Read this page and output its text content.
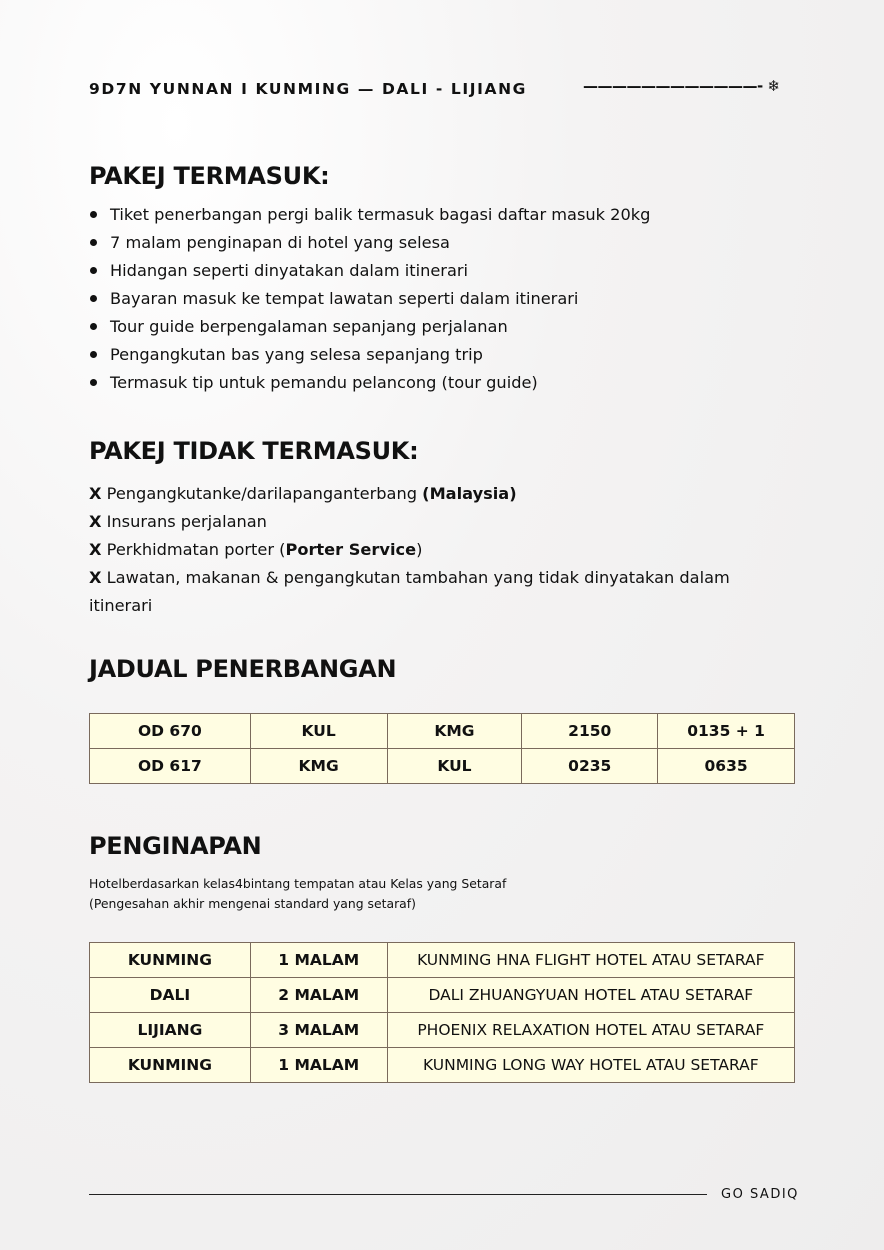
9D7N YUNNAN I KUNMING — DALI - LIJIANG	————————————- ❄
PAKEJ TERMASUK:
Tiket penerbangan pergi balik termasuk bagasi daftar masuk 20kg
7 malam penginapan di hotel yang selesa
Hidangan seperti dinyatakan dalam itinerari
Bayaran masuk ke tempat lawatan seperti dalam itinerari
Tour guide berpengalaman sepanjang perjalanan
Pengangkutan bas yang selesa sepanjang trip
Termasuk tip untuk pemandu pelancong (tour guide)
PAKEJ TIDAK TERMASUK:
X Pengangkutanke/darilapanganterbang (Malaysia)
X Insurans perjalanan
X Perkhidmatan porter (Porter Service)
X Lawatan, makanan & pengangkutan tambahan yang tidak dinyatakan dalam itinerari
JADUAL PENERBANGAN
OD 670	KUL	KMG	2150	0135 + 1
OD 617	KMG	KUL	0235	0635
PENGINAPAN
Hotelberdasarkan kelas4bintang tempatan atau Kelas yang Setaraf
(Pengesahan akhir mengenai standard yang setaraf)
KUNMING	1 MALAM	KUNMING HNA FLIGHT HOTEL ATAU SETARAF
DALI	2 MALAM	DALI ZHUANGYUAN HOTEL ATAU SETARAF
LIJIANG	3 MALAM	PHOENIX RELAXATION HOTEL ATAU SETARAF
KUNMING	1 MALAM	KUNMING LONG WAY HOTEL ATAU SETARAF
GO SADIQ
